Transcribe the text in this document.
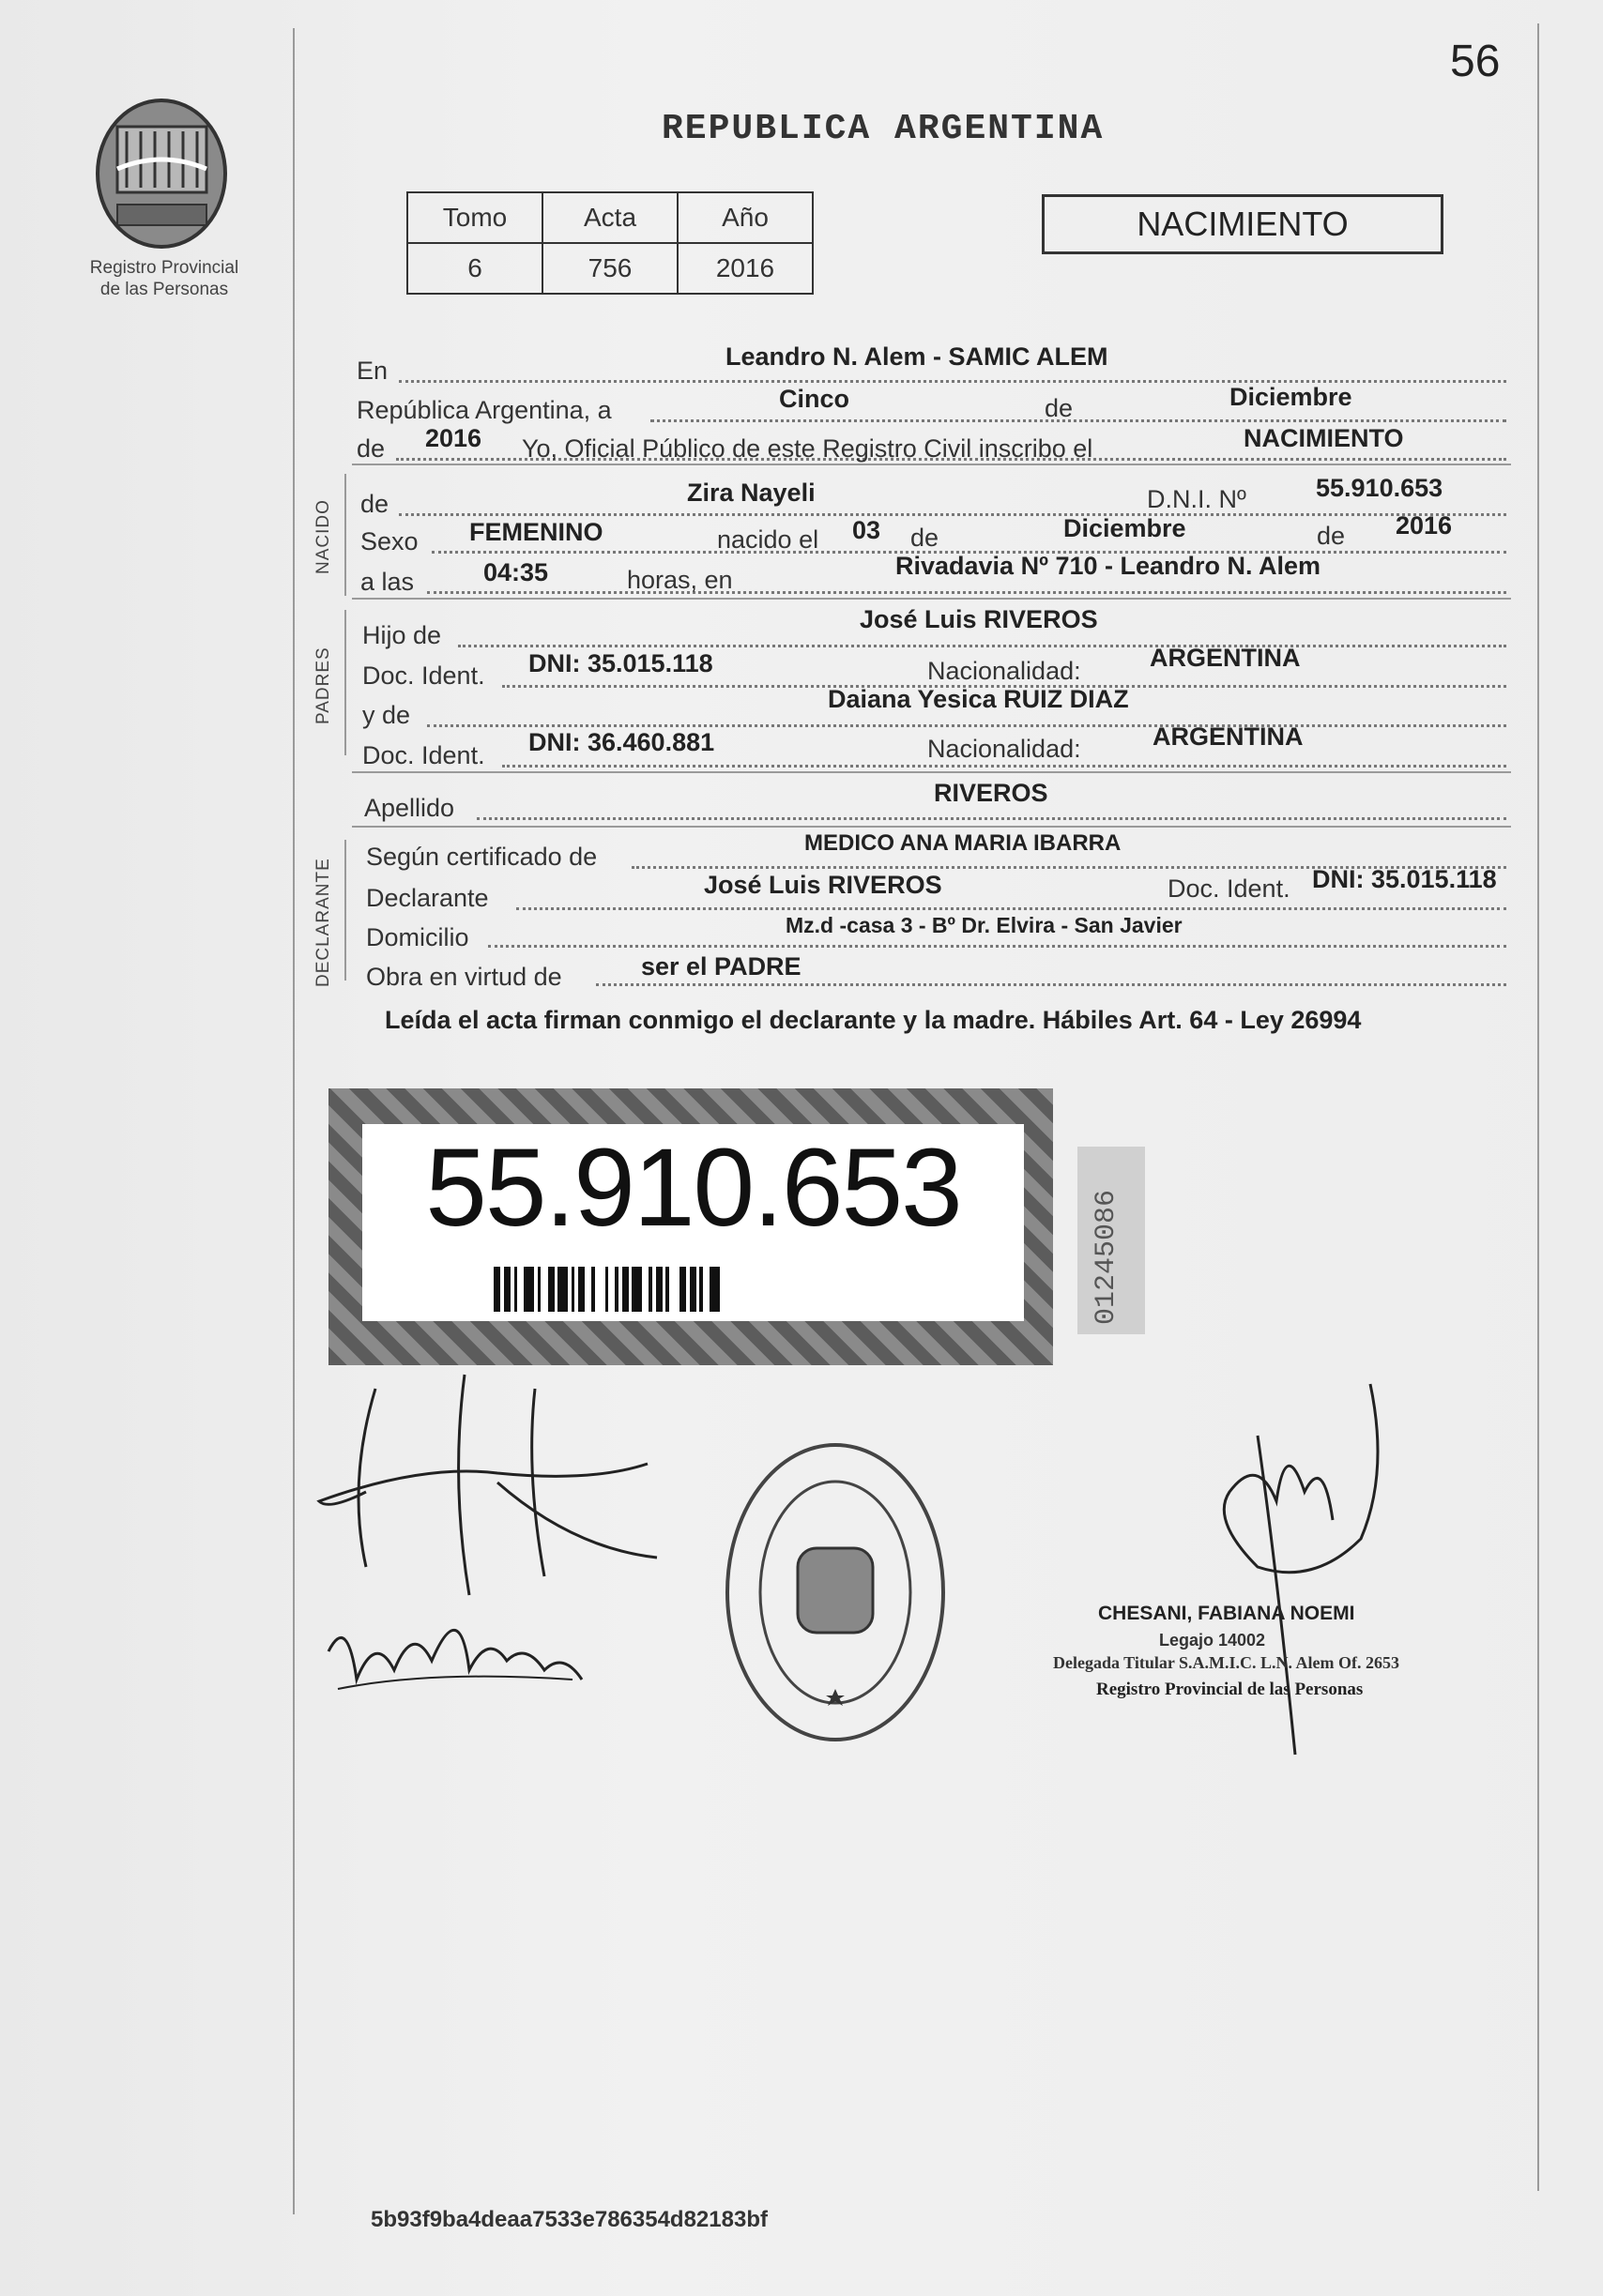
56
REPUBLICA ARGENTINA
Registro Provincial
de las Personas
Tomo	Acta	Año
6	756	2016
NACIMIENTO
En	Leandro N. Alem - SAMIC ALEM
República Argentina, a	Cinco	de	Diciembre
de 2016 Yo, Oficial Público de este Registro Civil inscribo el	NACIMIENTO
NACIDO de	Zira Nayeli	D.N.I. Nº	55.910.653
Sexo FEMENINO	nacido el 03 de	Diciembre	de 2016
a las	04:35	horas, en	Rivadavia Nº 710 - Leandro N. Alem
PADRES
Hijo de
José Luis RIVEROS
Doc. Ident. DNI: 35.015.118	Nacionalidad:	ARGENTINA
y de
Daiana Yesica RUIZ DIAZ
Doc. Ident. DNI: 36.460.881	Nacionalidad:	ARGENTINA
Apellido
RIVEROS
DECLARANTE
Según certificado de	MEDICO ANA MARIA IBARRA
Declarante	José Luis RIVEROS	Doc. Ident. DNI: 35.015.118
Domicilio	Mz.d -casa 3 - Bº Dr. Elvira - San Javier
Obra en virtud de	ser el PADRE
Leída el acta firman conmigo el declarante y la madre. Hábiles Art. 64 - Ley 26994
55.910.653
01245086
CHESANI, FABIANA NOEMI
Legajo 14002
Delegada Titular S.A.M.I.C. L.N. Alem Of. 2653
Registro Provincial de las Personas
5b93f9ba4deaa7533e786354d82183bf
